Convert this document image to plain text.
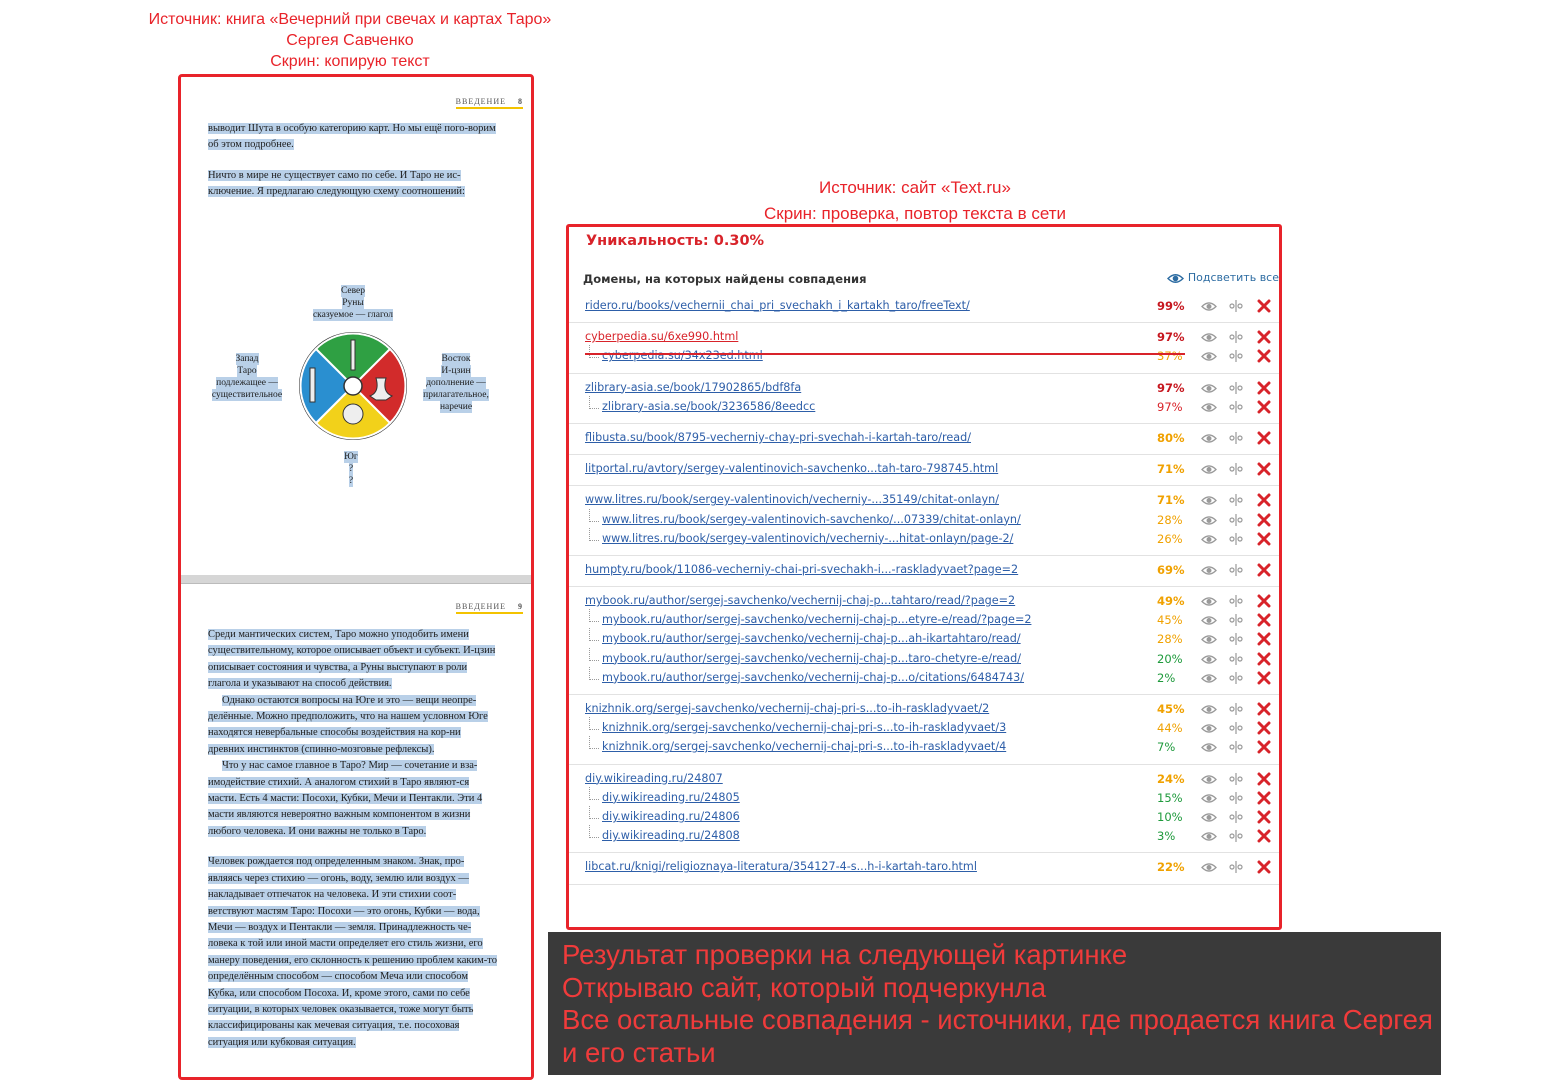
Источник: книга «Вечерний при свечах и картах Таро»
Сергея Савченко
Скрин: копирую текст
Источник: сайт «Text.ru»
Скрин: проверка, повтор текста в сети
ВВЕДЕНИЕ 8

выводит Шута в особую категорию карт. Но мы ещё пого-ворим об этом подробнее.

Ничто в мире не существует само по себе. И Таро не ис-ключение. Я предлагаю следующую схему соотношений:

Север
Руны
сказуемое — глагол
Запад
Таро
подлежащее —
существительное
Восток
И-цзин
дополнение —
прилагательное,
наречие
Юг
?
?
ВВЕДЕНИЕ 9

Среди мантических систем, Таро можно уподобить имени существительному, которое описывает объект и субъект. И-цзин описывает состояния и чувства, а Руны выступают в роли глагола и указывают на способ действия.

Однако остаются вопросы на Юге и это — вещи неопре-делённые. Можно предположить, что на нашем условном Юге находятся невербальные способы воздействия на кор-ни древних инстинктов (спинно-мозговые рефлексы).

Что у нас самое главное в Таро? Мир — сочетание и вза-имодействие стихий. А аналогом стихий в Таро являют-ся масти. Есть 4 масти: Посохи, Кубки, Мечи и Пентакли. Эти 4 масти являются невероятно важным компонентом в жизни любого человека. И они важны не только в Таро.

Человек рождается под определенным знаком. Знак, про-являясь через стихию — огонь, воду, землю или воздух — накладывает отпечаток на человека. И эти стихии соот-ветствуют мастям Таро: Посохи — это огонь, Кубки — вода, Мечи — воздух и Пентакли — земля. Принадлежность че-ловека к той или иной масти определяет его стиль жизни, его манеру поведения, его склонность к решению проблем каким-то определённым способом — способом Меча или способом Кубка, или способом Посоха. И, кроме этого, сами по себе ситуации, в которых человек оказывается, тоже могут быть классифицированы как мечевая ситуация, т.е. посоховая ситуация или кубковая ситуация.

Уникальность: 0.30%
Домены, на которых найдены совпадения	Подсветить все
ridero.ru/books/vechernii_chai_pri_svechakh_i_kartakh_taro/freeText/	99%
cyberpedia.su/6xe990.html	97%
cyberpedia.su/34x23ed.html	37%
zlibrary-asia.se/book/17902865/bdf8fa	97%
zlibrary-asia.se/book/3236586/8eedcc	97%
flibusta.su/book/8795-vecherniy-chay-pri-svechah-i-kartah-taro/read/	80%
litportal.ru/avtory/sergey-valentinovich-savchenko...tah-taro-798745.html	71%
www.litres.ru/book/sergey-valentinovich/vecherniy-...35149/chitat-onlayn/	71%
www.litres.ru/book/sergey-valentinovich-savchenko/...07339/chitat-onlayn/	28%
www.litres.ru/book/sergey-valentinovich/vecherniy-...hitat-onlayn/page-2/	26%
humpty.ru/book/11086-vecherniy-chai-pri-svechakh-i...-raskladyvaet?page=2	69%
mybook.ru/author/sergej-savchenko/vechernij-chaj-p...tahtaro/read/?page=2	49%
mybook.ru/author/sergej-savchenko/vechernij-chaj-p...etyre-e/read/?page=2	45%
mybook.ru/author/sergej-savchenko/vechernij-chaj-p...ah-ikartahtaro/read/	28%
mybook.ru/author/sergej-savchenko/vechernij-chaj-p...taro-chetyre-e/read/	20%
mybook.ru/author/sergej-savchenko/vechernij-chaj-p...o/citations/6484743/	2%
knizhnik.org/sergej-savchenko/vechernij-chaj-pri-s...to-ih-raskladyvaet/2	45%
knizhnik.org/sergej-savchenko/vechernij-chaj-pri-s...to-ih-raskladyvaet/3	44%
knizhnik.org/sergej-savchenko/vechernij-chaj-pri-s...to-ih-raskladyvaet/4	7%
diy.wikireading.ru/24807	24%
diy.wikireading.ru/24805	15%
diy.wikireading.ru/24806	10%
diy.wikireading.ru/24808	3%
libcat.ru/knigi/religioznaya-literatura/354127-4-s...h-i-kartah-taro.html	22%
Результат проверки на следующей картинке
Открываю сайт, который подчеркунла
Все остальные совпадения - источники, где продается книга Сергея
и его статьи
